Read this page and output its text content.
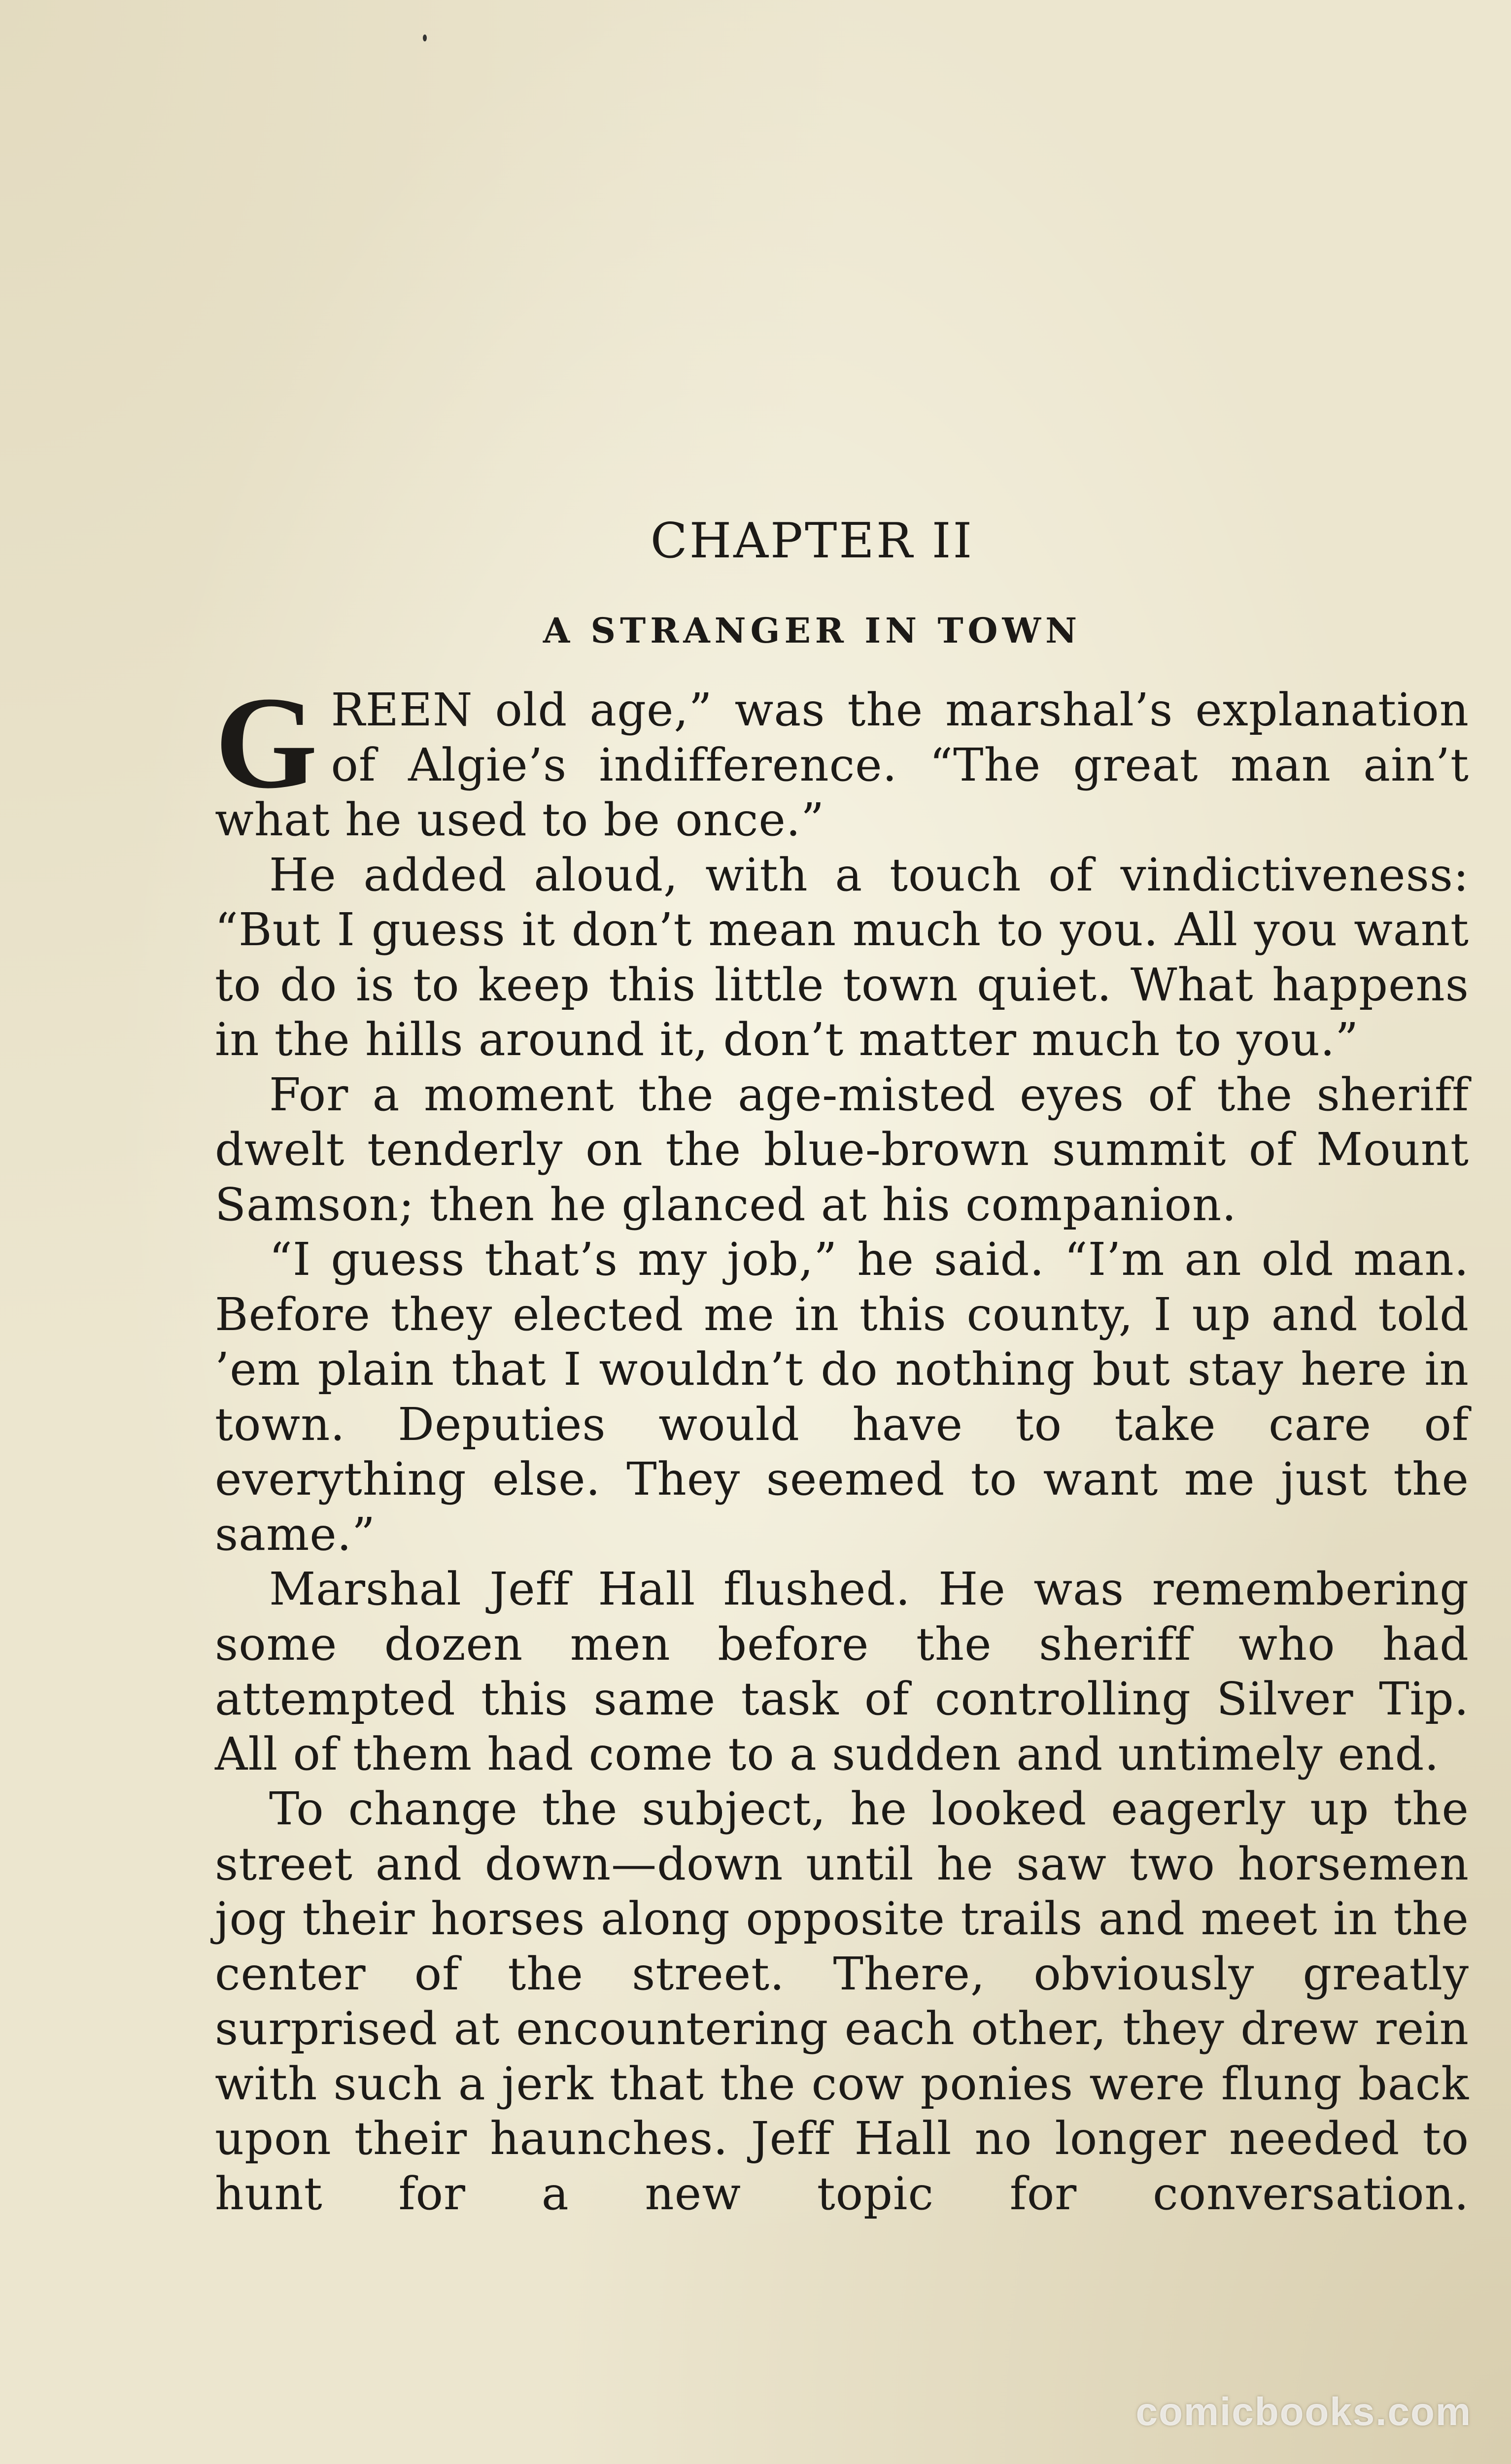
CHAPTER II
A STRANGER IN TOWN

GREEN old age,” was the marshal’s explanation of Algie’s indifference. “The great man ain’t what he used to be once.”

He added aloud, with a touch of vindictiveness: “But I guess it don’t mean much to you. All you want to do is to keep this little town quiet. What happens in the hills around it, don’t matter much to you.”

For a moment the age-misted eyes of the sheriff dwelt tenderly on the blue-brown summit of Mount Samson; then he glanced at his companion.

“I guess that’s my job,” he said. “I’m an old man. Before they elected me in this county, I up and told ’em plain that I wouldn’t do nothing but stay here in town. Deputies would have to take care of everything else. They seemed to want me just the same.”

Marshal Jeff Hall flushed. He was remembering some dozen men before the sheriff who had attempted this same task of controlling Silver Tip. All of them had come to a sudden and untimely end.

To change the subject, he looked eagerly up the street and down—down until he saw two horsemen jog their horses along opposite trails and meet in the center of the street. There, obviously greatly surprised at encountering each other, they drew rein with such a jerk that the cow ponies were flung back upon their haunches. Jeff Hall no longer needed to hunt for a new topic for conversation.

comicbooks.com
